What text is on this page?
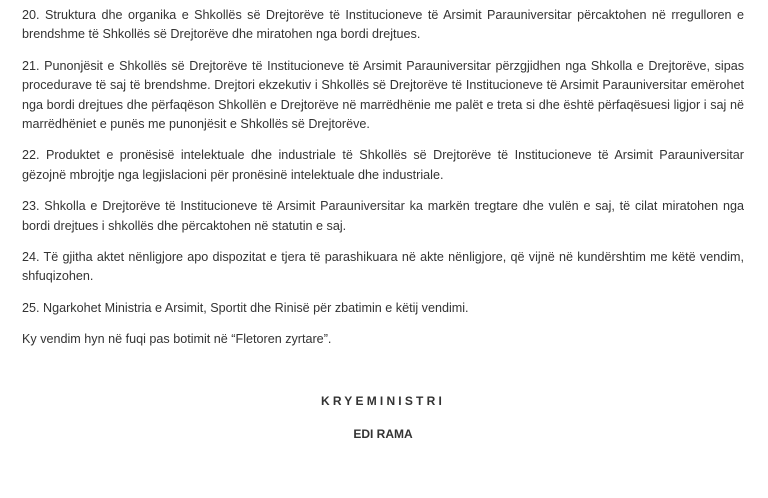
20. Struktura dhe organika e Shkollës së Drejtorëve të Institucioneve të Arsimit Parauniversitar përcaktohen në rregulloren e brendshme të Shkollës së Drejtorëve dhe miratohen nga bordi drejtues.

21. Punonjësit e Shkollës së Drejtorëve të Institucioneve të Arsimit Parauniversitar përzgjidhen nga Shkolla e Drejtorëve, sipas procedurave të saj të brendshme. Drejtori ekzekutiv i Shkollës së Drejtorëve të Institucioneve të Arsimit Parauniversitar emërohet nga bordi drejtues dhe përfaqëson Shkollën e Drejtorëve në marrëdhënie me palët e treta si dhe është përfaqësuesi ligjor i saj në marrëdhëniet e punës me punonjësit e Shkollës së Drejtorëve.

22. Produktet e pronësisë intelektuale dhe industriale të Shkollës së Drejtorëve të Institucioneve të Arsimit Parauniversitar gëzojnë mbrojtje nga legjislacioni për pronësinë intelektuale dhe industriale.

23. Shkolla e Drejtorëve të Institucioneve të Arsimit Parauniversitar ka markën tregtare dhe vulën e saj, të cilat miratohen nga bordi drejtues i shkollës dhe përcaktohen në statutin e saj.

24. Të gjitha aktet nënligjore apo dispozitat e tjera të parashikuara në akte nënligjore, që vijnë në kundërshtim me këtë vendim, shfuqizohen.

25. Ngarkohet Ministria e Arsimit, Sportit dhe Rinisë për zbatimin e këtij vendimi.

Ky vendim hyn në fuqi pas botimit në “Fletoren zyrtare”.

KRYEMINISTRI

EDI RAMA
